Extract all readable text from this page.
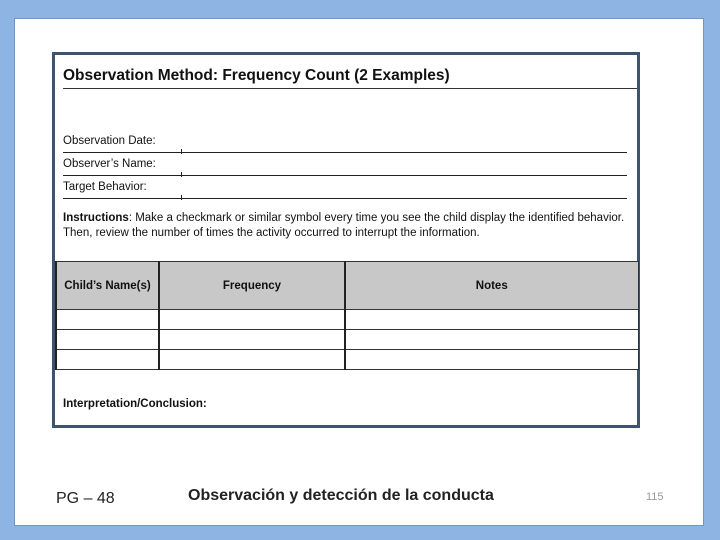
Observation Method: Frequency Count (2 Examples)
Observation Date:
Observer’s Name:
Target Behavior:
Instructions: Make a checkmark or similar symbol every time you see the child display the identified behavior. Then, review the number of times the activity occurred to interrupt the information.
Child’s Name(s)	Frequency	Notes

Interpretation/Conclusion:
PG – 48	Observación y detección de la conducta	115
